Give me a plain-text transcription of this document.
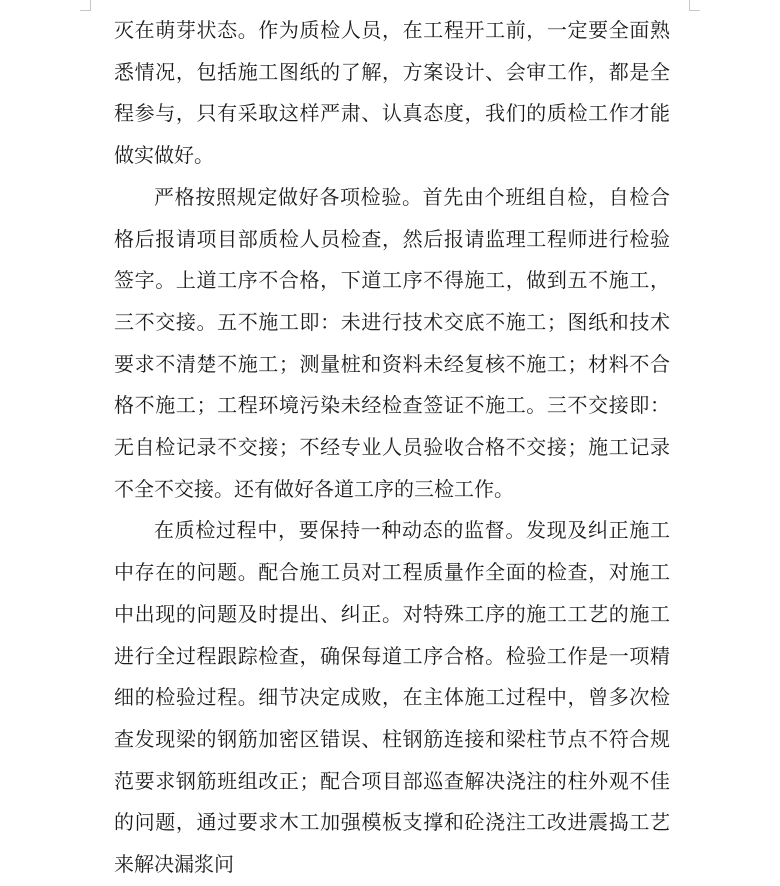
灭在萌芽状态。作为质检人员，在工程开工前，一定要全面熟悉情况，包括施工图纸的了解，方案设计、会审工作，都是全程参与，只有采取这样严肃、认真态度，我们的质检工作才能做实做好。

严格按照规定做好各项检验。首先由个班组自检，自检合格后报请项目部质检人员检查，然后报请监理工程师进行检验签字。上道工序不合格，下道工序不得施工，做到五不施工，三不交接。五不施工即：未进行技术交底不施工；图纸和技术要求不清楚不施工；测量桩和资料未经复核不施工；材料不合格不施工；工程环境污染未经检查签证不施工。三不交接即：无自检记录不交接；不经专业人员验收合格不交接；施工记录不全不交接。还有做好各道工序的三检工作。

在质检过程中，要保持一种动态的监督。发现及纠正施工中存在的问题。配合施工员对工程质量作全面的检查，对施工中出现的问题及时提出、纠正。对特殊工序的施工工艺的施工进行全过程跟踪检查，确保每道工序合格。检验工作是一项精细的检验过程。细节决定成败，在主体施工过程中，曾多次检查发现梁的钢筋加密区错误、柱钢筋连接和梁柱节点不符合规范要求钢筋班组改正；配合项目部巡查解决浇注的柱外观不佳的问题，通过要求木工加强模板支撑和砼浇注工改进震捣工艺来解决漏浆问
